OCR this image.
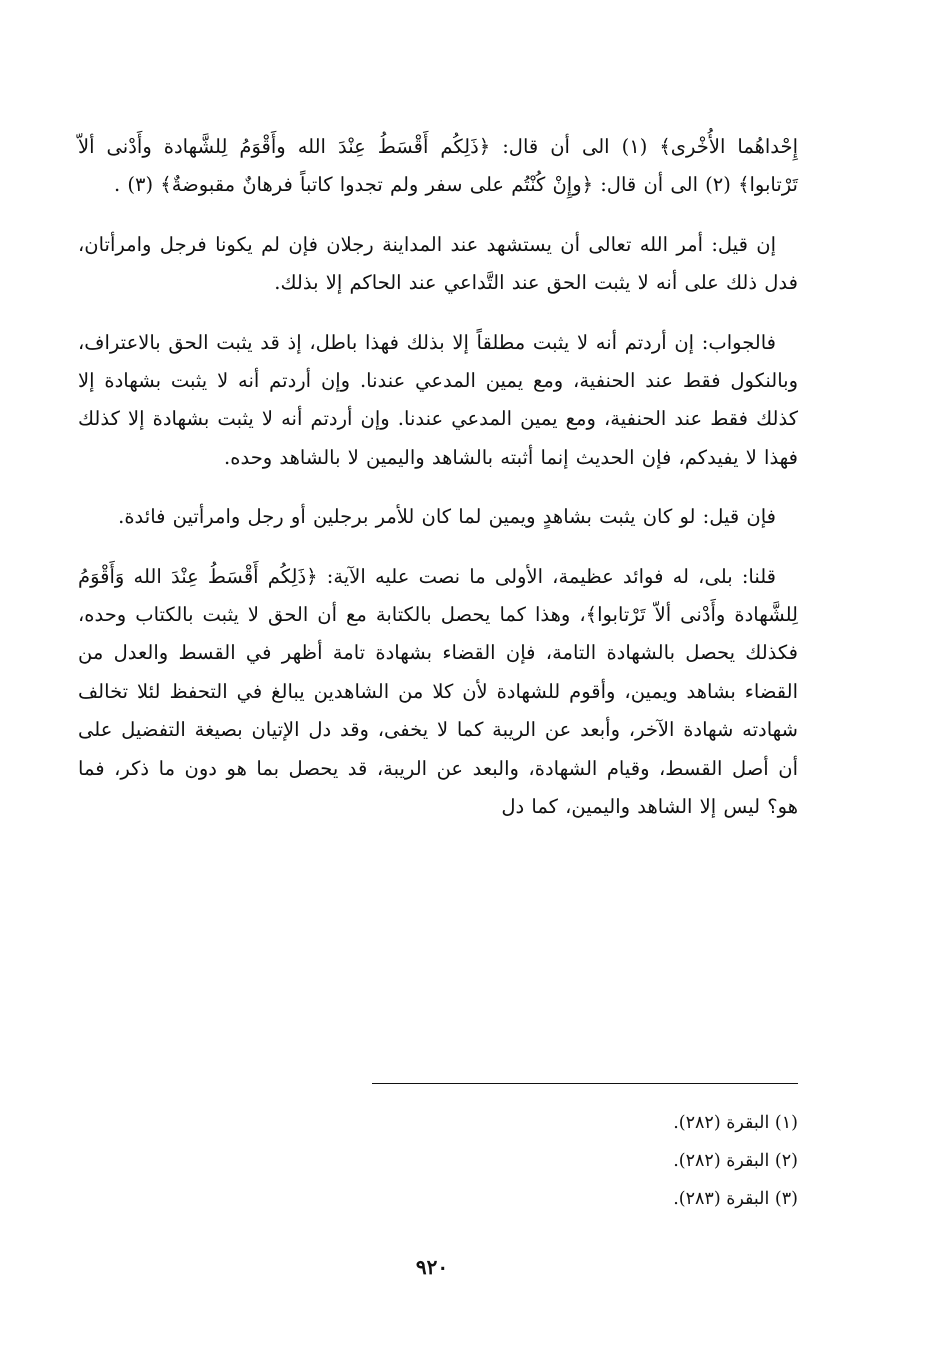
إِحْداهُما الأُخْرى﴾ (١) الى أن قال: ﴿ذَلِكُم أَقْسَطُ عِنْدَ الله وأَقْوَمُ لِلشَّهادة وأَدْنى ألاّ تَرْتابوا﴾ (٢) الى أن قال: ﴿وإِنْ كُنْتُم على سفر ولم تجدوا كاتباً فرهانٌ مقبوضةٌ﴾ (٣) .

إن قيل: أمر الله تعالى أن يستشهد عند المداينة رجلان فإن لم يكونا فرجل وامرأتان، فدل ذلك على أنه لا يثبت الحق عند التَّداعي عند الحاكم إلا بذلك.

فالجواب: إن أردتم أنه لا يثبت مطلقاً إلا بذلك فهذا باطل، إذ قد يثبت الحق بالاعتراف، وبالنكول فقط عند الحنفية، ومع يمين المدعي عندنا. وإن أردتم أنه لا يثبت بشهادة إلا كذلك فقط عند الحنفية، ومع يمين المدعي عندنا. وإن أردتم أنه لا يثبت بشهادة إلا كذلك فهذا لا يفيدكم، فإن الحديث إنما أثبته بالشاهد واليمين لا بالشاهد وحده.

فإن قيل: لو كان يثبت بشاهدٍ ويمين لما كان للأمر برجلين أو رجل وامرأتين فائدة.

قلنا: بلى، له فوائد عظيمة، الأولى ما نصت عليه الآية: ﴿ذَلِكُم أَقْسَطُ عِنْدَ الله وَأَقْوَمُ لِلشَّهادة وأَدْنى ألاّ تَرْتابوا﴾، وهذا كما يحصل بالكتابة مع أن الحق لا يثبت بالكتاب وحده، فكذلك يحصل بالشهادة التامة، فإن القضاء بشهادة تامة أظهر في القسط والعدل من القضاء بشاهد ويمين، وأقوم للشهادة لأن كلا من الشاهدين يبالغ في التحفظ لئلا تخالف شهادته شهادة الآخر، وأبعد عن الريبة كما لا يخفى، وقد دل الإتيان بصيغة التفضيل على أن أصل القسط، وقيام الشهادة، والبعد عن الريبة، قد يحصل بما هو دون ما ذكر، فما هو؟ ليس إلا الشاهد واليمين، كما دل

(١) البقرة (٢٨٢).
(٢) البقرة (٢٨٢).
(٣) البقرة (٢٨٣).
٩٢٠
